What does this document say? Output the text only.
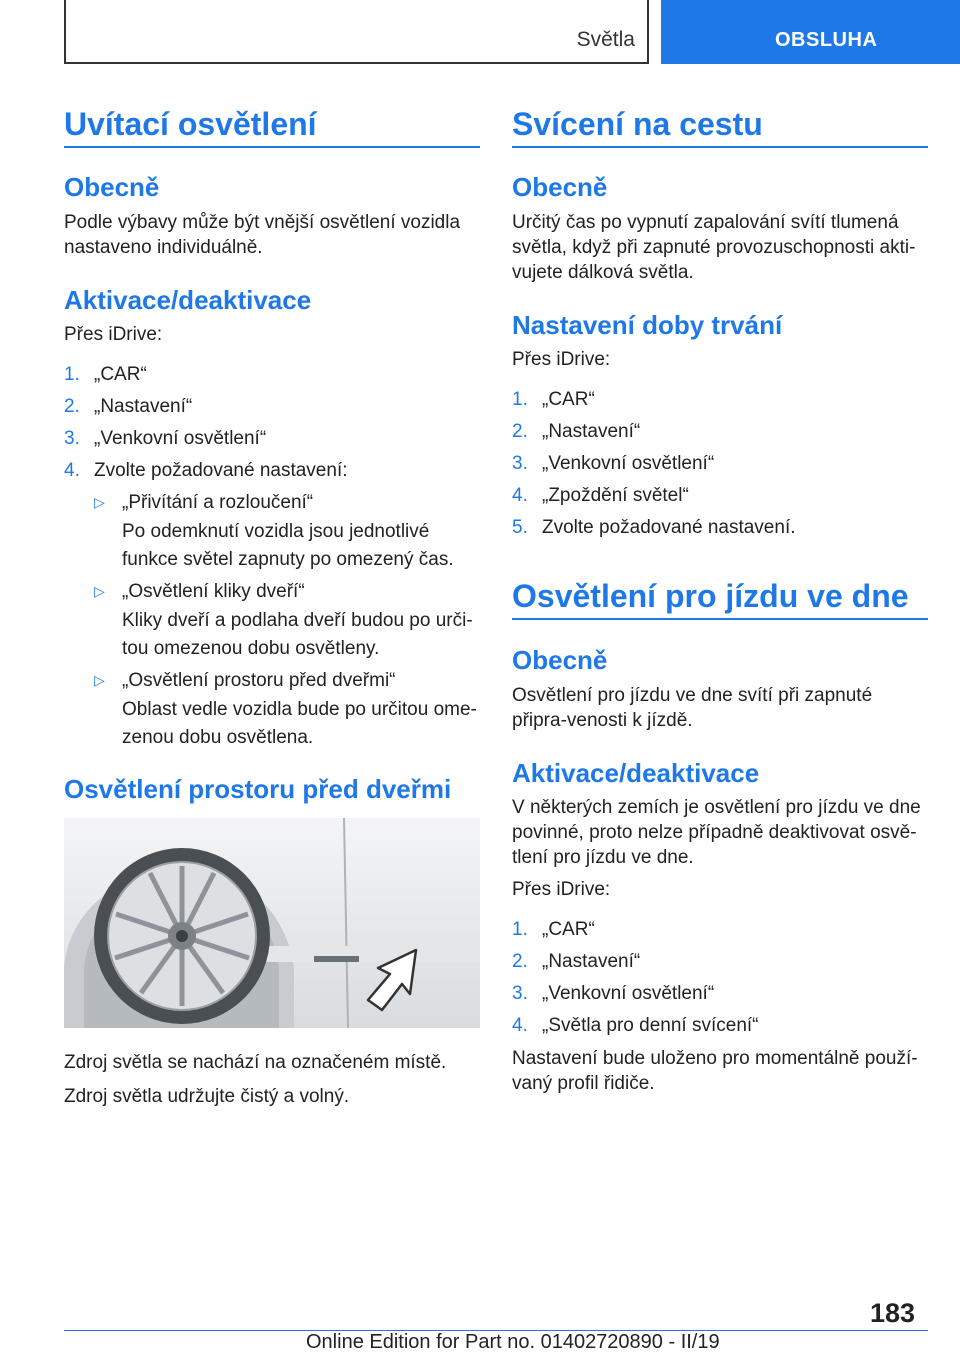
Světla	OBSLUHA
Uvítací osvětlení
Obecně
Podle výbavy může být vnější osvětlení vozidla nastaveno individuálně.
Aktivace/deaktivace
Přes iDrive:
1. „CAR“
2. „Nastavení“
3. „Venkovní osvětlení“
4. Zvolte požadované nastavení:
▷ „Přivítání a rozloučení“
Po odemknutí vozidla jsou jednotlivé funkce světel zapnuty po omezený čas.
▷ „Osvětlení kliky dveří“
Kliky dveří a podlaha dveří budou po urči-tou omezenou dobu osvětleny.
▷ „Osvětlení prostoru před dveřmi“
Oblast vedle vozidla bude po určitou ome-zenou dobu osvětlena.
Osvětlení prostoru před dveřmi
Zdroj světla se nachází na označeném místě.
Zdroj světla udržujte čistý a volný.
Svícení na cestu
Obecně
Určitý čas po vypnutí zapalování svítí tlumená světla, když při zapnuté provozuschopnosti akti-vujete dálková světla.
Nastavení doby trvání
Přes iDrive:
1. „CAR“
2. „Nastavení“
3. „Venkovní osvětlení“
4. „Zpoždění světel“
5. Zvolte požadované nastavení.
Osvětlení pro jízdu ve dne
Obecně
Osvětlení pro jízdu ve dne svítí při zapnuté připra-venosti k jízdě.
Aktivace/deaktivace
V některých zemích je osvětlení pro jízdu ve dne povinné, proto nelze případně deaktivovat osvě-tlení pro jízdu ve dne.
Přes iDrive:
1. „CAR“
2. „Nastavení“
3. „Venkovní osvětlení“
4. „Světla pro denní svícení“
Nastavení bude uloženo pro momentálně použí-vaný profil řidiče.
183
Online Edition for Part no. 01402720890 - II/19
